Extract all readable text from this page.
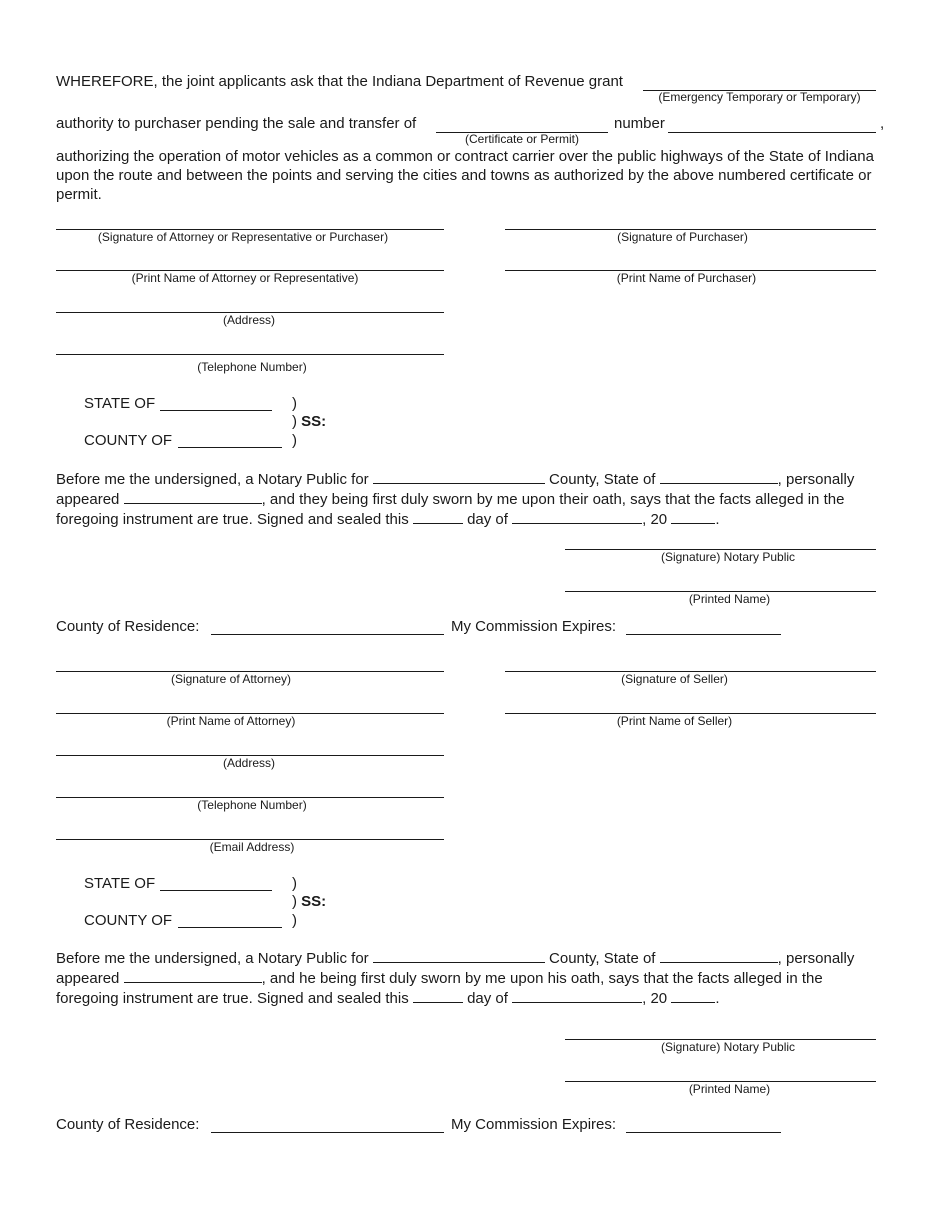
WHEREFORE, the joint applicants ask that the Indiana Department of Revenue grant
(Emergency Temporary or Temporary)
authority to purchaser pending the sale and transfer of
(Certificate or Permit)
number	,
authorizing the operation of motor vehicles as a common or contract carrier over the public highways of the State of Indiana upon the route and between the points and serving the cities and towns as authorized by the above numbered certificate or permit.
(Signature of Attorney or Representative or Purchaser)	(Signature of Purchaser)
(Print Name of Attorney or Representative)	(Print Name of Purchaser)
(Address)
(Telephone Number)
STATE OF	)
) SS:
COUNTY OF	)
Before me the undersigned, a Notary Public for	County, State of	, personally
appeared	, and they being first duly sworn by me upon their oath, says that the facts alleged in the
foregoing instrument are true. Signed and sealed this	day of	, 20	.
(Signature) Notary Public
(Printed Name)
County of Residence:	My Commission Expires:
(Signature of Attorney)	(Signature of Seller)
(Print Name of Attorney)	(Print Name of Seller)
(Address)
(Telephone Number)
(Email Address)
STATE OF	)
) SS:
COUNTY OF	)
Before me the undersigned, a Notary Public for	County, State of	, personally
appeared	, and he being first duly sworn by me upon his oath, says that the facts alleged in the
foregoing instrument are true. Signed and sealed this	day of	, 20	.
(Signature) Notary Public
(Printed Name)
County of Residence:	My Commission Expires:
